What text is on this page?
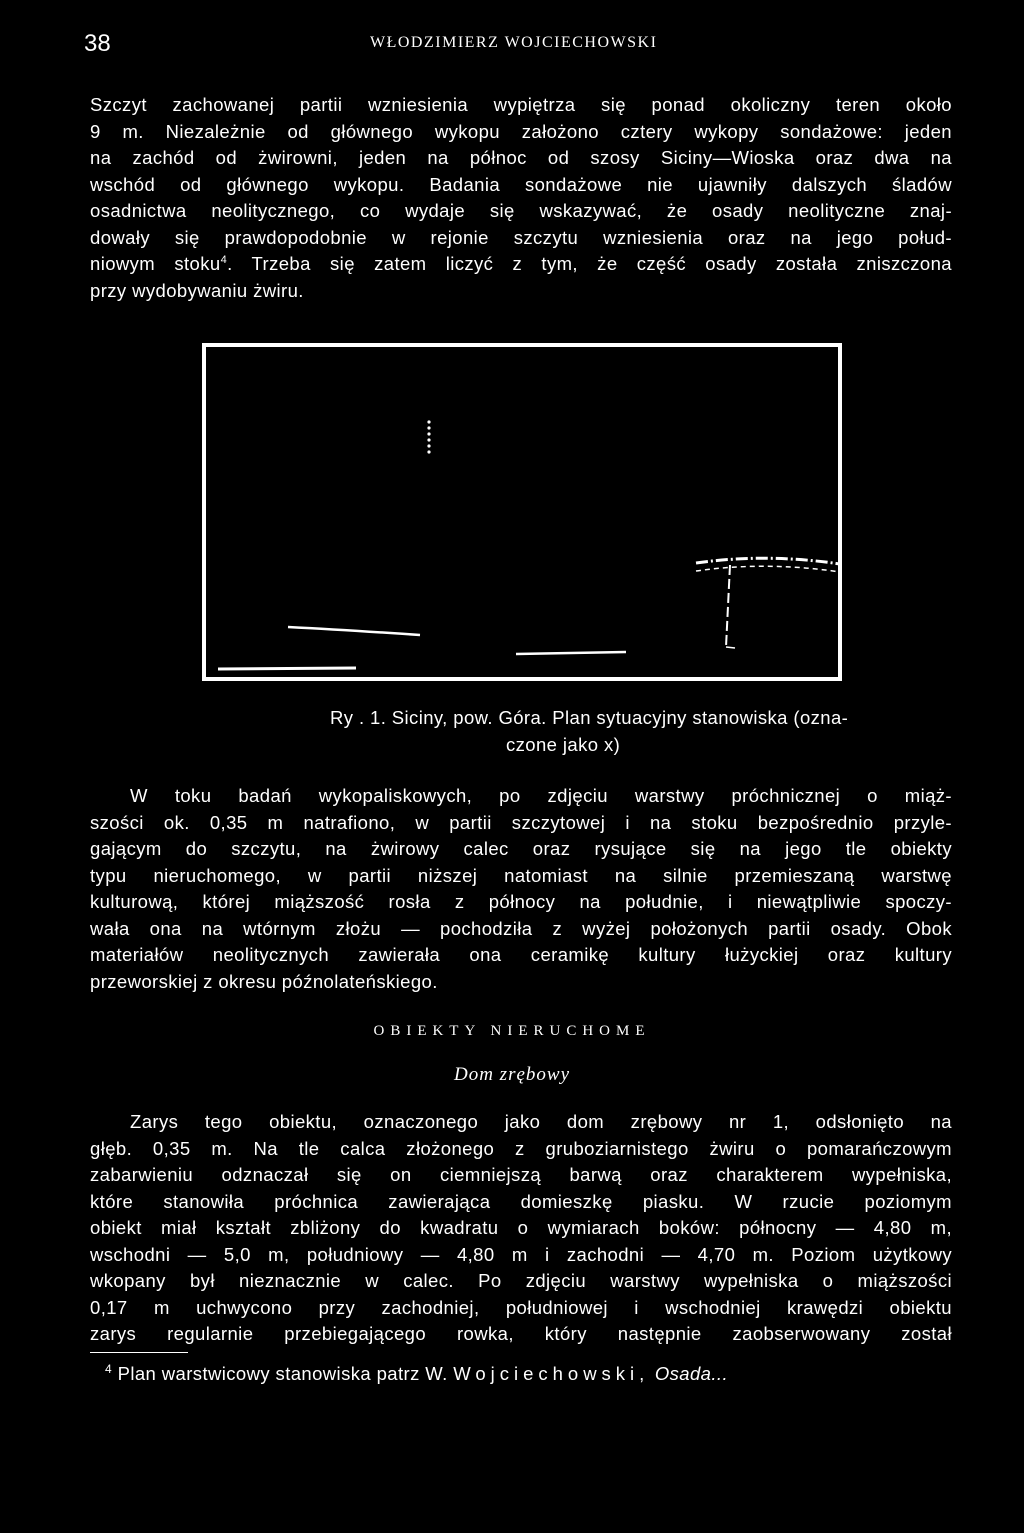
38	WŁODZIMIERZ WOJCIECHOWSKI
Szczyt zachowanej partii wzniesienia wypiętrza się ponad okoliczny teren około
9 m. Niezależnie od głównego wykopu założono cztery wykopy sondażowe: jeden
na zachód od żwirowni, jeden na północ od szosy Siciny—Wioska oraz dwa na
wschód od głównego wykopu. Badania sondażowe nie ujawniły dalszych śladów
osadnictwa neolitycznego, co wydaje się wskazywać, że osady neolityczne znaj-
dowały się prawdopodobnie w rejonie szczytu wzniesienia oraz na jego połud-
niowym stoku$^4$. Trzeba się zatem liczyć z tym, że część osady została zniszczona
przy wydobywaniu żwiru.
Ry . 1. Siciny, pow. Góra. Plan sytuacyjny stanowiska (ozna-
czone jako x)
W toku badań wykopaliskowych, po zdjęciu warstwy próchnicznej o miąż-
szości ok. 0,35 m natrafiono, w partii szczytowej i na stoku bezpośrednio przyle-
gającym do szczytu, na żwirowy calec oraz rysujące się na jego tle obiekty
typu nieruchomego, w partii niższej natomiast na silnie przemieszaną warstwę
kulturową, której miąższość rosła z północy na południe, i niewątpliwie spoczy-
wała ona na wtórnym złożu — pochodziła z wyżej położonych partii osady. Obok
materiałów neolitycznych zawierała ona ceramikę kultury łużyckiej oraz kultury
przeworskiej z okresu późnolateńskiego.
OBIEKTY NIERUCHOME
Dom zrębowy
Zarys tego obiektu, oznaczonego jako dom zrębowy nr 1, odsłonięto na
głęb. 0,35 m. Na tle calca złożonego z gruboziarnistego żwiru o pomarańczowym
zabarwieniu odznaczał się on ciemniejszą barwą oraz charakterem wypełniska,
które stanowiła próchnica zawierająca domieszkę piasku. W rzucie poziomym
obiekt miał kształt zbliżony do kwadratu o wymiarach boków: północny — 4,80 m,
wschodni — 5,0 m, południowy — 4,80 m i zachodni — 4,70 m. Poziom użytkowy
wkopany był nieznacznie w calec. Po zdjęciu warstwy wypełniska o miąższości
0,17 m uchwycono przy zachodniej, południowej i wschodniej krawędzi obiektu
zarys regularnie przebiegającego rowka, który następnie zaobserwowany został
$^4$ Plan warstwicowy stanowiska patrz W. Wojciechowski, Osada...
